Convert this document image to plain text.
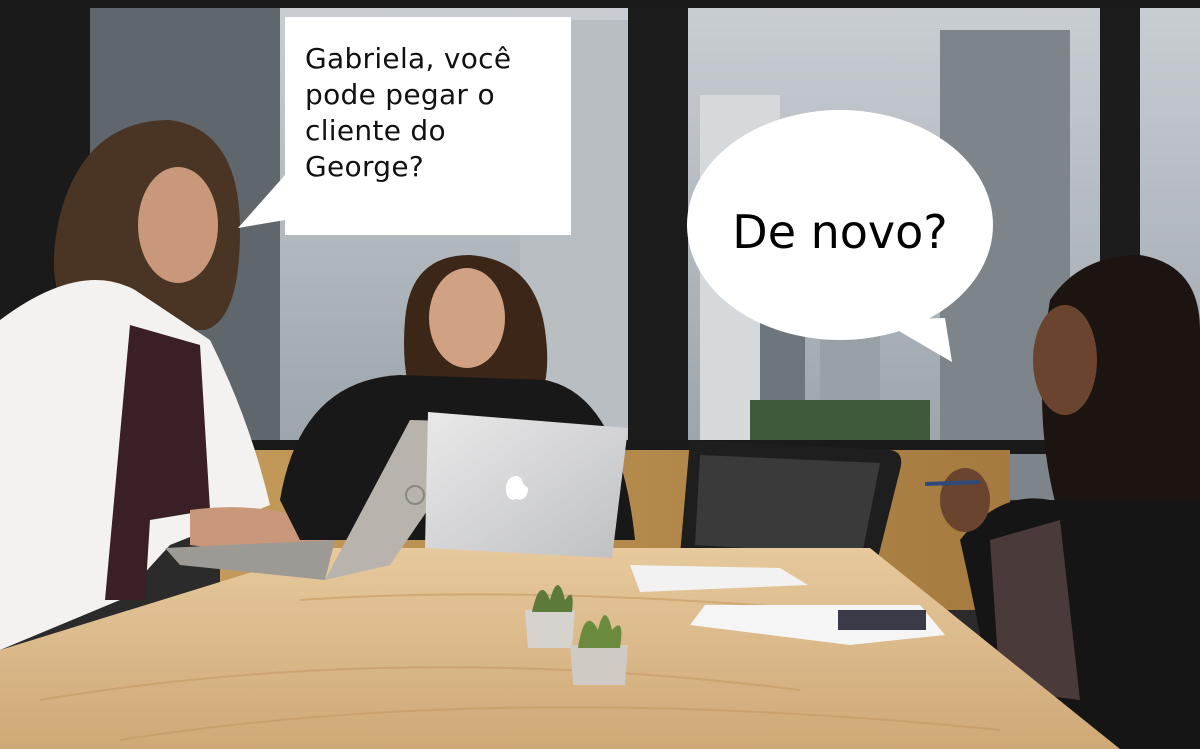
Gabriela, você
pode pegar o
cliente do
George?
De novo?
